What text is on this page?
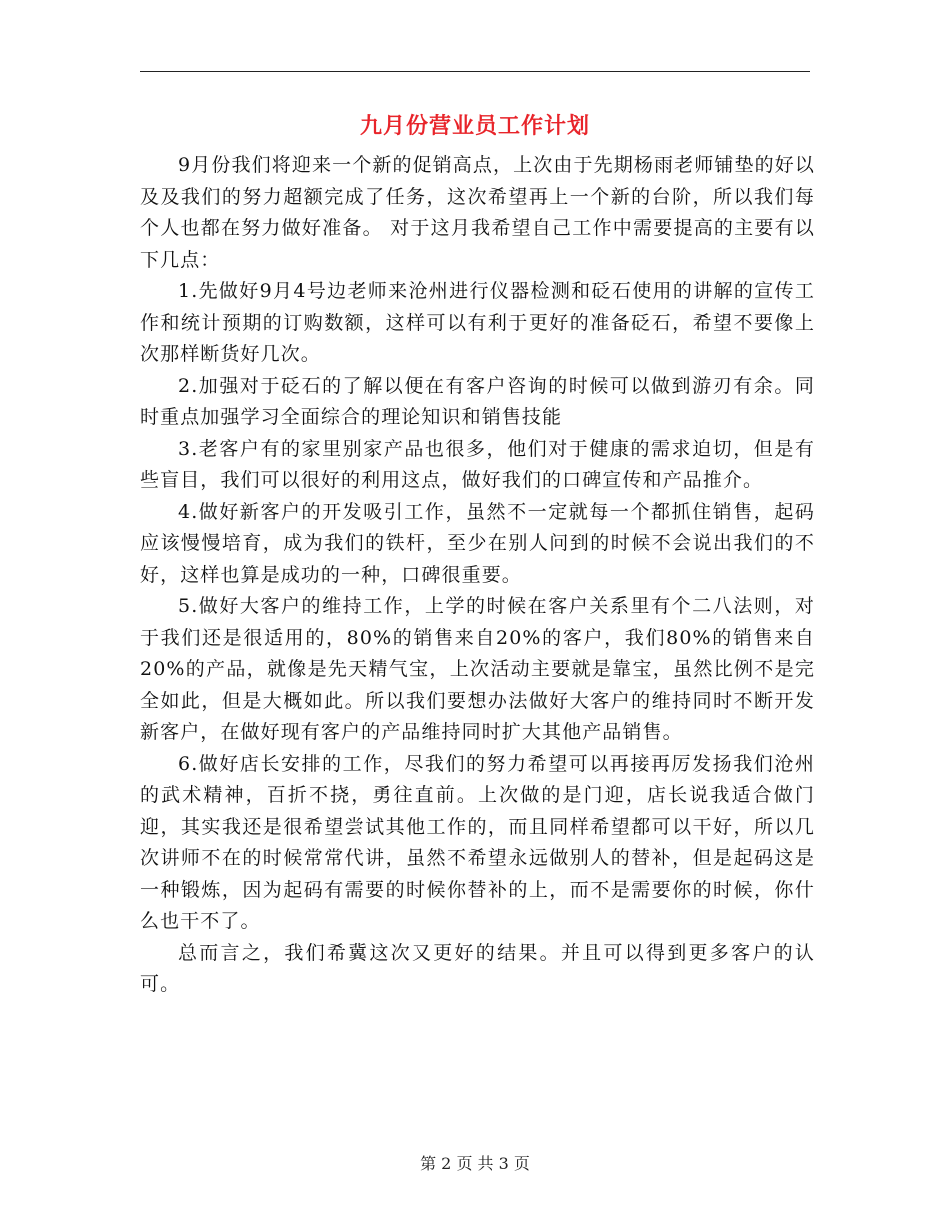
九月份营业员工作计划

9月份我们将迎来一个新的促销高点，上次由于先期杨雨老师铺垫的好以及及我们的努力超额完成了任务，这次希望再上一个新的台阶，所以我们每个人也都在努力做好准备。 对于这月我希望自己工作中需要提高的主要有以下几点：

1.先做好9月4号边老师来沧州进行仪器检测和砭石使用的讲解的宣传工作和统计预期的订购数额，这样可以有利于更好的准备砭石，希望不要像上次那样断货好几次。

2.加强对于砭石的了解以便在有客户咨询的时候可以做到游刃有余。同时重点加强学习全面综合的理论知识和销售技能

3.老客户有的家里别家产品也很多，他们对于健康的需求迫切，但是有些盲目，我们可以很好的利用这点，做好我们的口碑宣传和产品推介。

4.做好新客户的开发吸引工作，虽然不一定就每一个都抓住销售，起码应该慢慢培育，成为我们的铁杆，至少在别人问到的时候不会说出我们的不好，这样也算是成功的一种，口碑很重要。

5.做好大客户的维持工作，上学的时候在客户关系里有个二八法则，对于我们还是很适用的，80%的销售来自20%的客户，我们80%的销售来自20%的产品，就像是先天精气宝，上次活动主要就是靠宝，虽然比例不是完全如此，但是大概如此。所以我们要想办法做好大客户的维持同时不断开发新客户，在做好现有客户的产品维持同时扩大其他产品销售。

6.做好店长安排的工作，尽我们的努力希望可以再接再厉发扬我们沧州的武术精神，百折不挠，勇往直前。上次做的是门迎，店长说我适合做门迎，其实我还是很希望尝试其他工作的，而且同样希望都可以干好，所以几次讲师不在的时候常常代讲，虽然不希望永远做别人的替补，但是起码这是一种锻炼，因为起码有需要的时候你替补的上，而不是需要你的时候，你什么也干不了。

总而言之，我们希冀这次又更好的结果。并且可以得到更多客户的认可。

第 2 页 共 3 页
